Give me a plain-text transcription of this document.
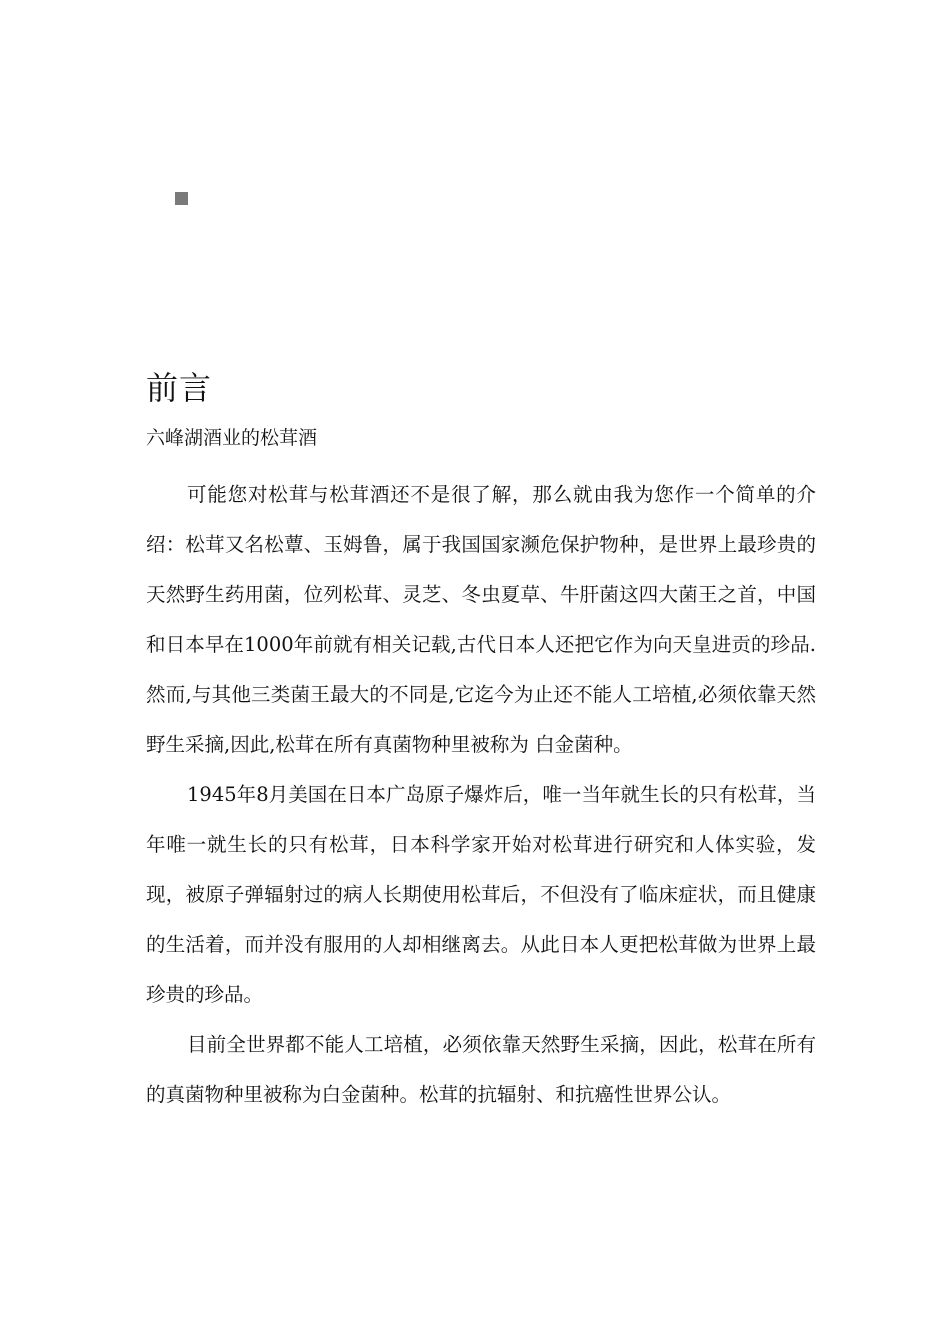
前言

六峰湖酒业的松茸酒

可能您对松茸与松茸酒还不是很了解，那么就由我为您作一个简单的介绍：松茸又名松蕈、玉姆鲁，属于我国国家濒危保护物种，是世界上最珍贵的天然野生药用菌，位列松茸、灵芝、冬虫夏草、牛肝菌这四大菌王之首，中国和日本早在1000年前就有相关记载,古代日本人还把它作为向天皇进贡的珍品.然而,与其他三类菌王最大的不同是,它迄今为止还不能人工培植,必须依靠天然野生采摘,因此,松茸在所有真菌物种里被称为 白金菌种。

1945年8月美国在日本广岛原子爆炸后，唯一当年就生长的只有松茸，当年唯一就生长的只有松茸，日本科学家开始对松茸进行研究和人体实验，发现，被原子弹辐射过的病人长期使用松茸后，不但没有了临床症状，而且健康的生活着，而并没有服用的人却相继离去。从此日本人更把松茸做为世界上最珍贵的珍品。

目前全世界都不能人工培植，必须依靠天然野生采摘，因此，松茸在所有的真菌物种里被称为白金菌种。松茸的抗辐射、和抗癌性世界公认。
